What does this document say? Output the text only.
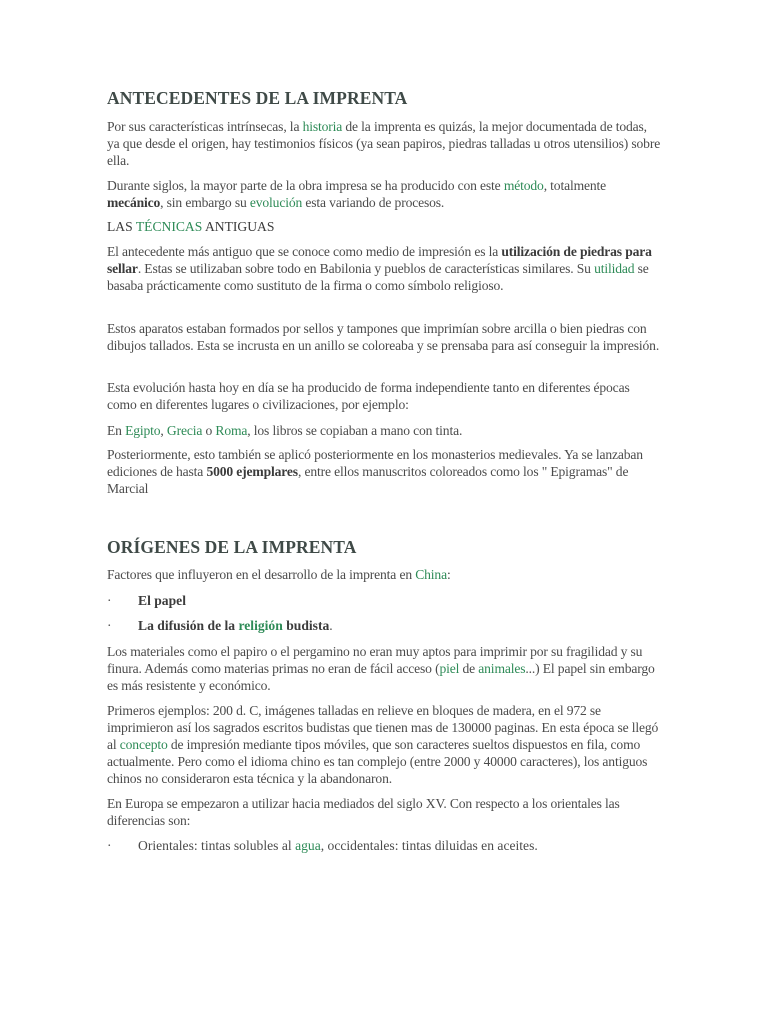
ANTECEDENTES DE LA IMPRENTA

Por sus características intrínsecas, la historia de la imprenta es quizás, la mejor documentada de todas, ya que desde el origen, hay testimonios físicos (ya sean papiros, piedras talladas u otros utensilios) sobre ella.

Durante siglos, la mayor parte de la obra impresa se ha producido con este método, totalmente mecánico, sin embargo su evolución esta variando de procesos.

LAS TÉCNICAS ANTIGUAS

El antecedente más antiguo que se conoce como medio de impresión es la utilización de piedras para sellar. Estas se utilizaban sobre todo en Babilonia y pueblos de características similares. Su utilidad se basaba prácticamente como sustituto de la firma o como símbolo religioso.

Estos aparatos estaban formados por sellos y tampones que imprimían sobre arcilla o bien piedras con dibujos tallados. Esta se incrusta en un anillo se coloreaba y se prensaba para así conseguir la impresión.

Esta evolución hasta hoy en día se ha producido de forma independiente tanto en diferentes épocas como en diferentes lugares o civilizaciones, por ejemplo:

En Egipto, Grecia o Roma, los libros se copiaban a mano con tinta.

Posteriormente, esto también se aplicó posteriormente en los monasterios medievales. Ya se lanzaban ediciones de hasta 5000 ejemplares, entre ellos manuscritos coloreados como los " Epigramas" de Marcial

ORÍGENES DE LA IMPRENTA

Factores que influyeron en el desarrollo de la imprenta en China:

· El papel
· La difusión de la religión budista.

Los materiales como el papiro o el pergamino no eran muy aptos para imprimir por su fragilidad y su finura. Además como materias primas no eran de fácil acceso (piel de animales...) El papel sin embargo es más resistente y económico.

Primeros ejemplos: 200 d. C, imágenes talladas en relieve en bloques de madera, en el 972 se imprimieron así los sagrados escritos budistas que tienen mas de 130000 paginas. En esta época se llegó al concepto de impresión mediante tipos móviles, que son caracteres sueltos dispuestos en fila, como actualmente. Pero como el idioma chino es tan complejo (entre 2000 y 40000 caracteres), los antiguos chinos no consideraron esta técnica y la abandonaron.

En Europa se empezaron a utilizar hacia mediados del siglo XV. Con respecto a los orientales las diferencias son:

· Orientales: tintas solubles al agua, occidentales: tintas diluidas en aceites.
